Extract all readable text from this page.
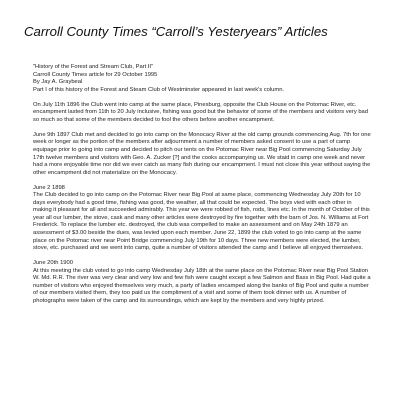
Carroll County Times “Carroll’s Yesteryears” Articles

"History of the Forest and Stream Club, Part II"

Carroll County Times article for 29 October 1995

By Jay A. Graybeal

Part I of this history of the Forest and Steam Club of Westminster appeared in last week's column.

On July 11th 1896 the Club went into camp at the same place, Pinesburg, opposite the Club House on the Potomac River, etc. encampment lasted from 11th to 20 July inclusive, fishing was good but the behavior of some of the members and visitors very bad so much so that some of the members decided to fool the others before another encampment.

June 9th 1897 Club met and decided to go into camp on the Monocacy River at the old camp grounds commencing Aug. 7th for one week or longer as the portion of the members after adjournment a number of members asked consent to use a part of camp equipage prior to going into camp and decided to pitch our tents on the Potomac River near Big Pool commencing Saturday July 17th twelve members and visitors with Geo. A. Zucker [?] and the cooks accompanying us. We staid in camp one week and never had a more enjoyable time nor did we ever catch as many fish during our encampment. I must not close this year without saying the other encampment did not materialize on the Monocacy.

June 2 1898

The Club decided to go into camp on the Potomac River near Big Pool at same place, commencing Wednesday July 20th for 10 days everybody had a good time, fishing was good, the weather, all that could be expected. The boys vied with each other in making it pleasant for all and succeeded admirably. This year we were robbed of fish, rods, lines etc. In the month of October of this year all our lumber, the stove, cask and many other articles were destroyed by fire together with the barn of Jos. N. Williams at Fort Frederick. To replace the lumber etc. destroyed, the club was compelled to make an assessment and on May 24th 1879 an assessment of $3.00 beside the dues, was levied upon each member. June 22, 1899 the club voted to go into camp at the same place on the Potomac river near Point Bridge commencing July 19th for 10 days. Three new members were elected, the lumber, stove, etc. purchased and we went into camp, quite a number of visitors attended the camp and I believe all enjoyed themselves.

June 20th 1900

At this meeting the club voted to go into camp Wednesday July 18th at the same place on the Potomac River near Big Pool Station W. Md. R.R. The river was very clear and very low and few fish were caught except a few Salmon and Bass in Big Pool. Had quite a number of visitors who enjoyed themselves very much, a party of ladies encamped along the banks of Big Pool and quite a number of our members visited them, they too paid us the compliment of a visit and some of them took dinner with us. A number of photographs were taken of the camp and its surroundings, which are kept by the members and very highly prized.
